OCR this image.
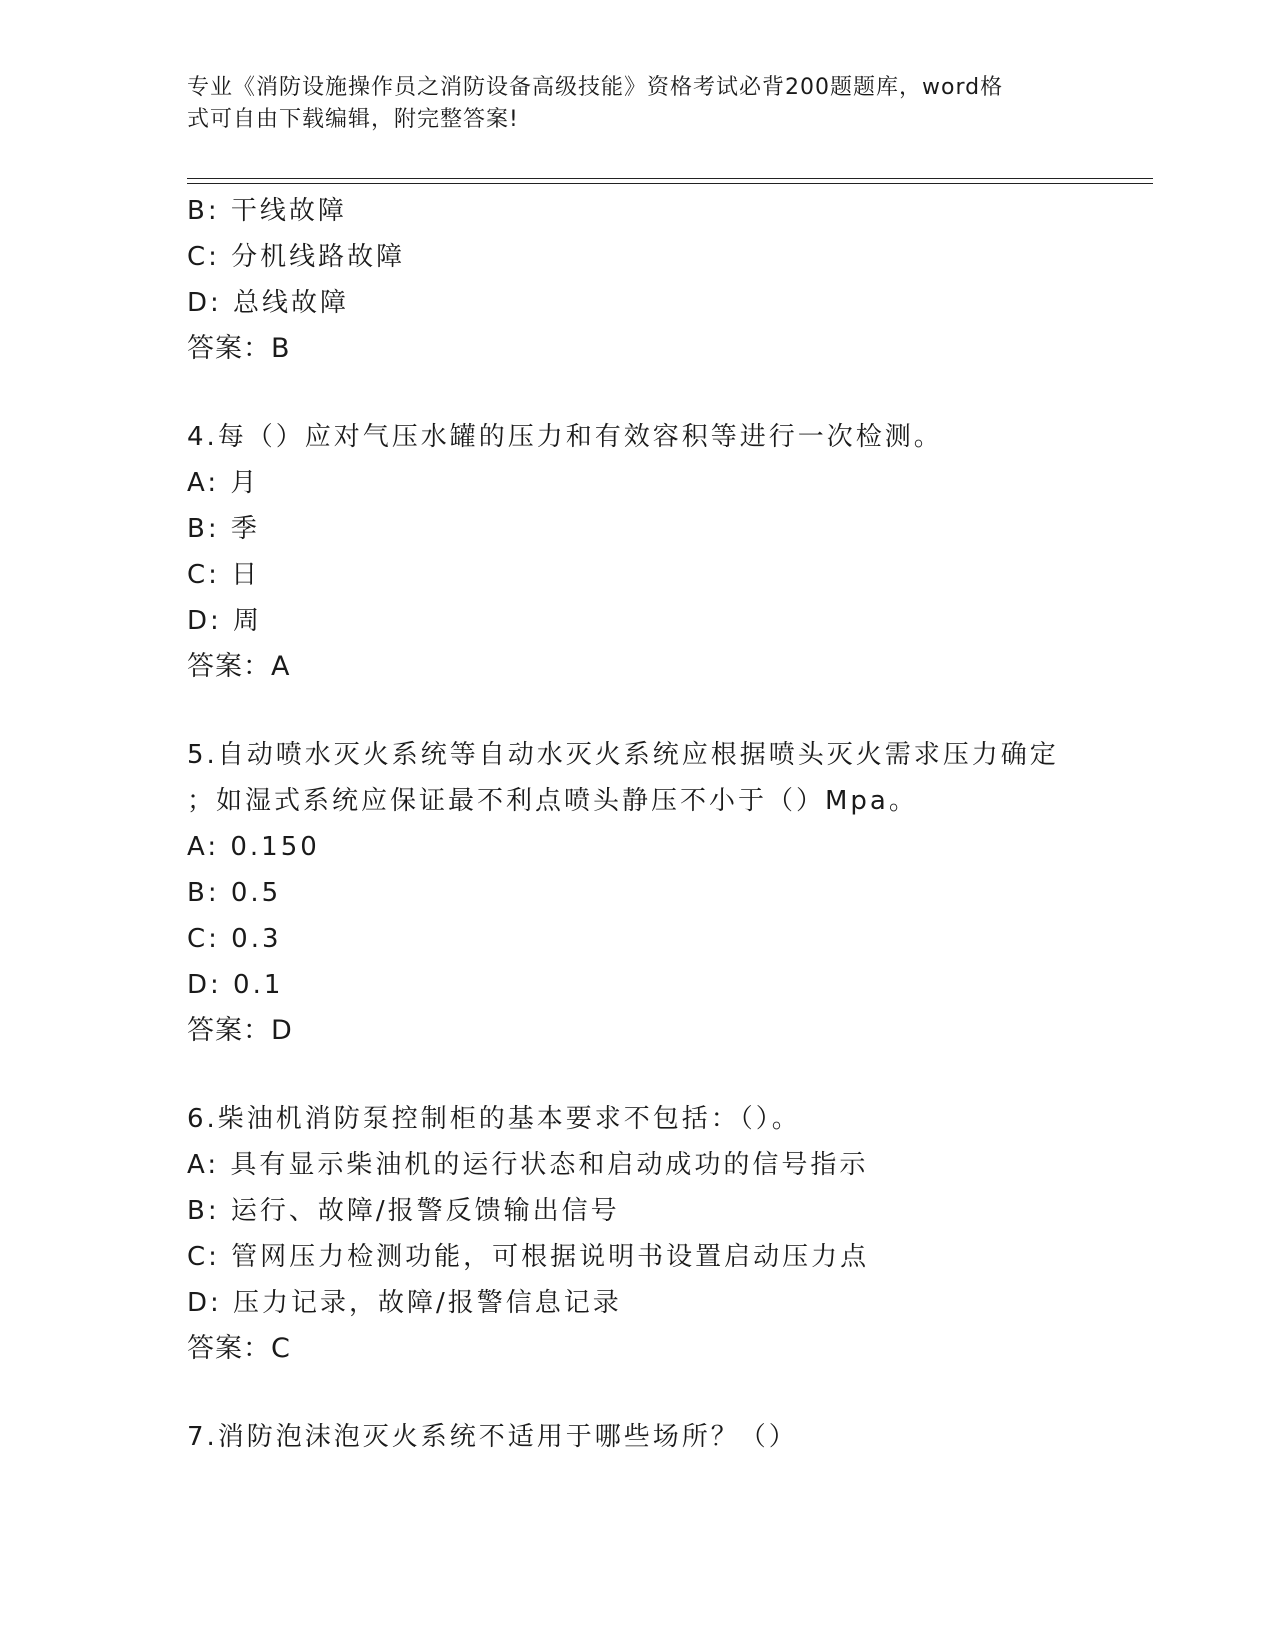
专业《消防设施操作员之消防设备高级技能》资格考试必背200题题库，word格
式可自由下载编辑，附完整答案!
B: 干线故障
C: 分机线路故障
D: 总线故障
答案：B
4.每（）应对气压水罐的压力和有效容积等进行一次检测。
A: 月
B: 季
C: 日
D: 周
答案：A
5.自动喷水灭火系统等自动水灭火系统应根据喷头灭火需求压力确定
；如湿式系统应保证最不利点喷头静压不小于（）Mpa。
A: 0.150
B: 0.5
C: 0.3
D: 0.1
答案：D
6.柴油机消防泵控制柜的基本要求不包括：（）。
A: 具有显示柴油机的运行状态和启动成功的信号指示
B: 运行、故障/报警反馈输出信号
C: 管网压力检测功能，可根据说明书设置启动压力点
D: 压力记录，故障/报警信息记录
答案：C
7.消防泡沫泡灭火系统不适用于哪些场所？（）
